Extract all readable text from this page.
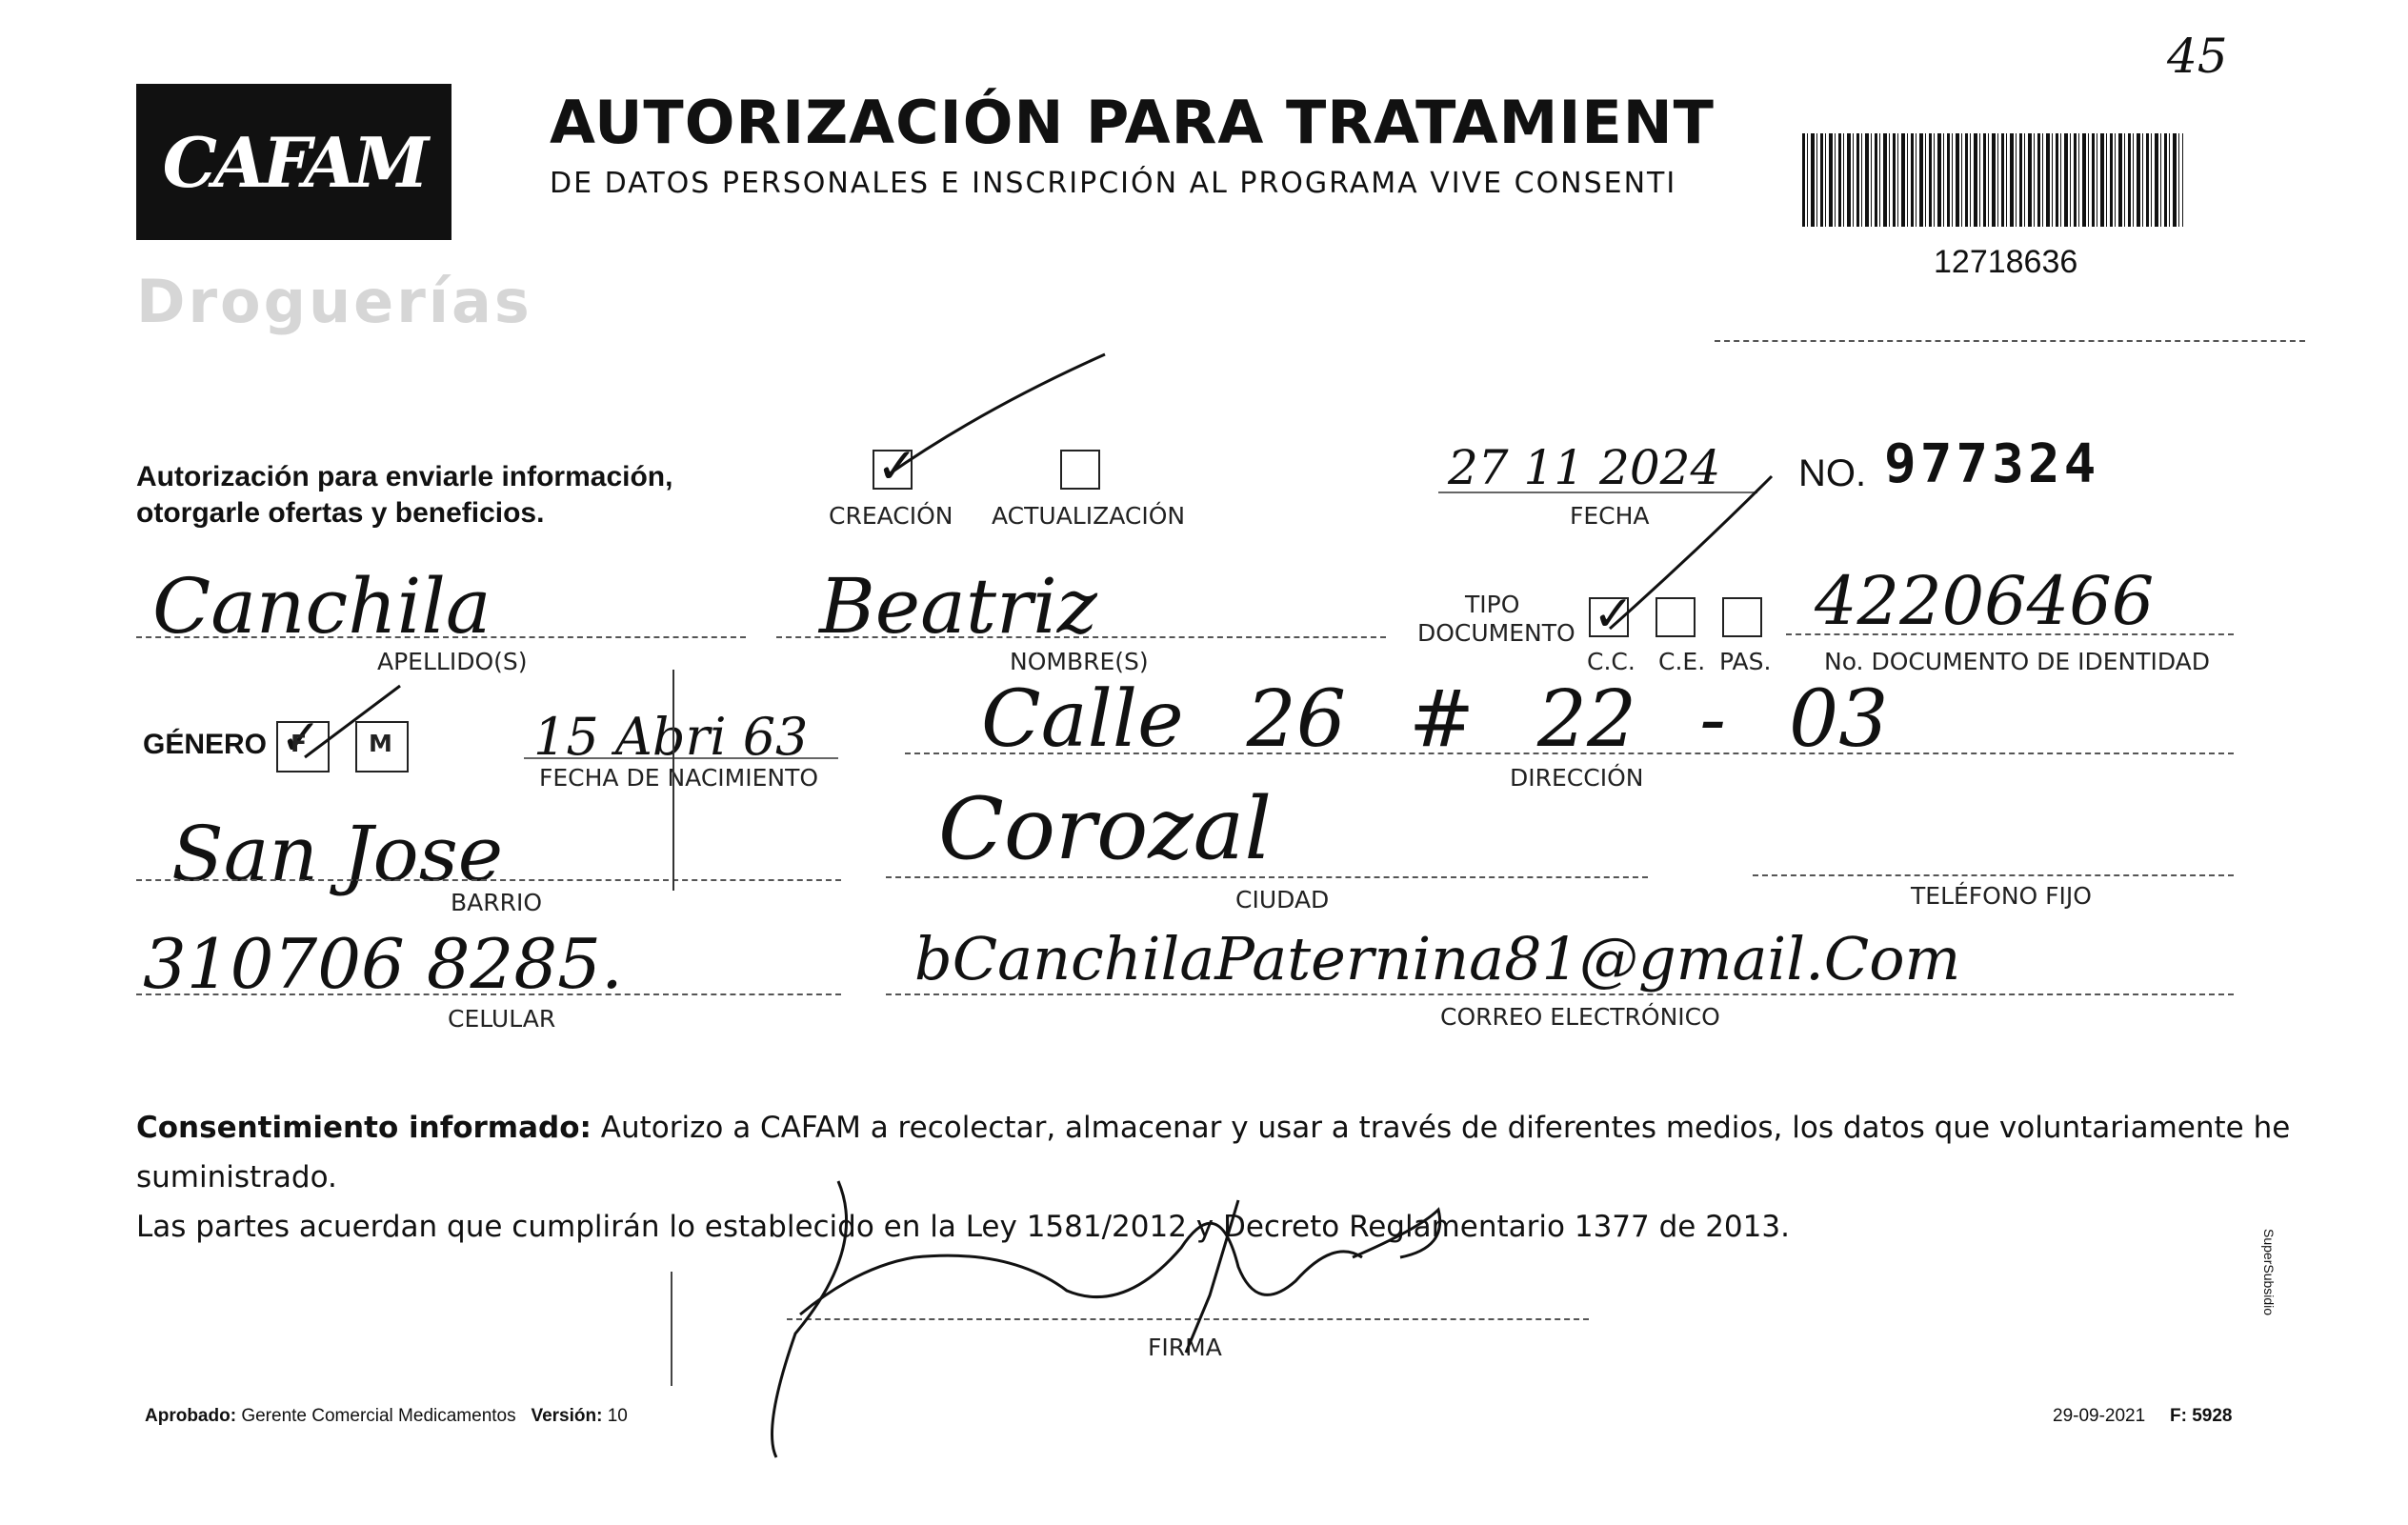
CAFAM
Droguerías
AUTORIZACIÓN PARA TRATAMIENT
DE DATOS PERSONALES E INSCRIPCIÓN AL PROGRAMA VIVE CONSENTI
12718636
45
Autorización para enviarle información,
otorgarle ofertas y beneficios.
✓	CREACIÓN ACTUALIZACIÓN
27 11 2024
FECHA
NO. 977324
Canchila
APELLIDO(S)
Beatriz
NOMBRE(S)
TIPO
DOCUMENTO
✓
C.C. C.E. PAS.
42206466
No. DOCUMENTO DE IDENTIDAD
GÉNERO
✓ F	M	15 Abri 63
FECHA DE NACIMIENTO
Calle 26 # 22 - 03
DIRECCIÓN
San Jose
BARRIO
Corozal
CIUDAD	TELÉFONO FIJO
310706 8285.
CELULAR
bCanchilaPaternina81@gmail.Com
CORREO ELECTRÓNICO
Consentimiento informado: Autorizo a CAFAM a recolectar, almacenar y usar a través de diferentes medios, los datos que voluntariamente he suministrado.
Las partes acuerdan que cumplirán lo establecido en la Ley 1581/2012 y Decreto Reglamentario 1377 de 2013.
FIRMA
Aprobado: Gerente Comercial Medicamentos Versión: 10	29-09-2021 F: 5928
SuperSubsidio
